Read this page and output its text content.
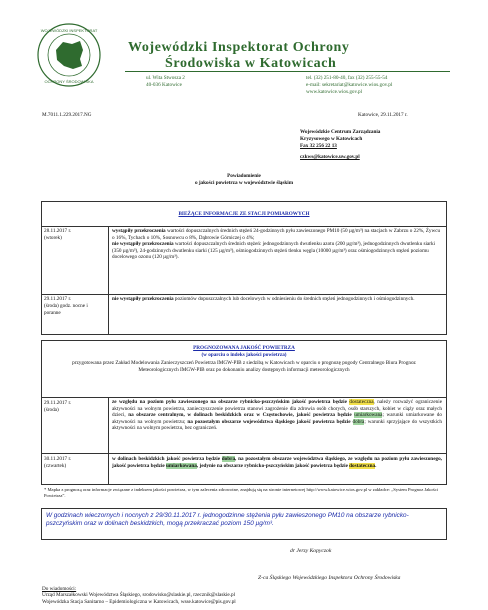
WOJEWÓDZKI INSPEKTORAT
OCHRONY ŚRODOWISKA
Wojewódzki Inspektorat Ochrony
Środowiska w Katowicach
ul. Wita Stwosza 2
40-036 Katowice
tel. (32) 251-80-40, fax (32) 255-55-54
e-mail: sekretariat@katowice.wios.gov.pl
www.katowice.wios.gov.pl
M.7011.1.229.2017.NG	Katowice, 29.11.2017 r.
Wojewódzkie Centrum Zarządzania
Kryzysowego w Katowicach
Fax 32 256 22 13
czkws@katowice.uw.gov.pl
Powiadomienie
o jakości powietrza w województwie śląskim
BIEŻĄCE INFORMACJE ZE STACJI POMIAROWYCH
28.11.2017 r.
(wtorek)
wystąpiły przekroczenia wartości dopuszczalnych średnich stężeń 24-godzinnych pyłu zawieszonego PM10 (50 µg/m³) na stacjach w Zabrzu o 22%, Żywcu o 16%, Tychach o 10%, Sosnowcu o 8%, Dąbrowie Górniczej o 4%;
nie wystąpiły przekroczenia wartości dopuszczalnych średnich stężeń: jednogodzinnych dwutlenku azotu (200 µg/m³), jednogodzinnych dwutlenku siarki (350 µg/m³), 24-godzinnych dwutlenku siarki (125 µg/m³), ośmiogodzinnych stężeń tlenku węgla (10000 µg/m³) oraz ośmiogodzinnych stężeń poziomu docelowego ozonu (120 µg/m³).
29.11.2017 r.
(środa) godz. nocne i poranne
nie wystąpiły przekroczenia poziomów dopuszczalnych lub docelowych w odniesieniu do średnich stężeń jednogodzinnych i ośmiogodzinnych.
PROGNOZOWANA JAKOŚĆ POWIETRZA
(w oparciu o indeks jakości powietrza)
przygotowana przez Zakład Modelowania Zanieczyszczeń Powietrza IMGW-PIB z siedzibą w Katowicach w oparciu o prognozę pogody Centralnego Biura Prognoz Meteorologicznych IMGW-PIB oraz po dokonaniu analizy dostępnych informacji meteorologicznych
29.11.2017 r.
(środa)
ze względu na poziom pyłu zawieszonego na obszarze rybnicko-pszczyńskim jakość powietrza będzie dostateczna, należy rozważyć ograniczenie aktywności na wolnym powietrzu, zanieczyszczenie powietrza stanowi zagrożenie dla zdrowia osób chorych, osób starszych, kobiet w ciąży oraz małych dzieci, na obszarze centralnym, w dolinach beskidzkich oraz w Częstochowie, jakość powietrza będzie umiarkowana; warunki umiarkowane do aktywności na wolnym powietrzu; na pozostałym obszarze województwa śląskiego jakość powietrza będzie dobra; warunki sprzyjające do wszystkich aktywności na wolnym powietrzu, bez ograniczeń.
30.11.2017 r.
(czwartek)
w dolinach beskidzkich jakość powietrza będzie dobra, na pozostałym obszarze województwa śląskiego, ze względu na poziom pyłu zawieszonego, jakość powietrza będzie umiarkowana, jedynie na obszarze rybnicko-pszczyńskim jakość powietrza będzie dostateczna.
* Mapka z prognozą oraz informacje związane z indeksem jakości powietrza, w tym zalecenia zdrowotne, znajdują się na stronie internetowej http://www.katowice.wios.gov.pl w zakładce: „System Prognoz Jakości Powietrza”.
W godzinach wieczornych i nocnych z 29/30.11.2017 r. jednogodzinne stężenia pyłu zawieszonego PM10 na obszarze rybnicko-pszczyńskim oraz w dolinach beskidzkich, mogą przekraczać poziom 150 µg/m³.
dr Jerzy Kopyczok
Z-ca Śląskiego Wojewódzkiego Inspektora Ochrony Środowiska
Do wiadomości:
Urząd Marszałkowski Województwa Śląskiego, srodowisko@slaskie.pl, rzecznik@slaskie.pl
Wojewódzka Stacja Sanitarno – Epidemiologiczna w Katowicach, wsse.katowice@pis.gov.pl
